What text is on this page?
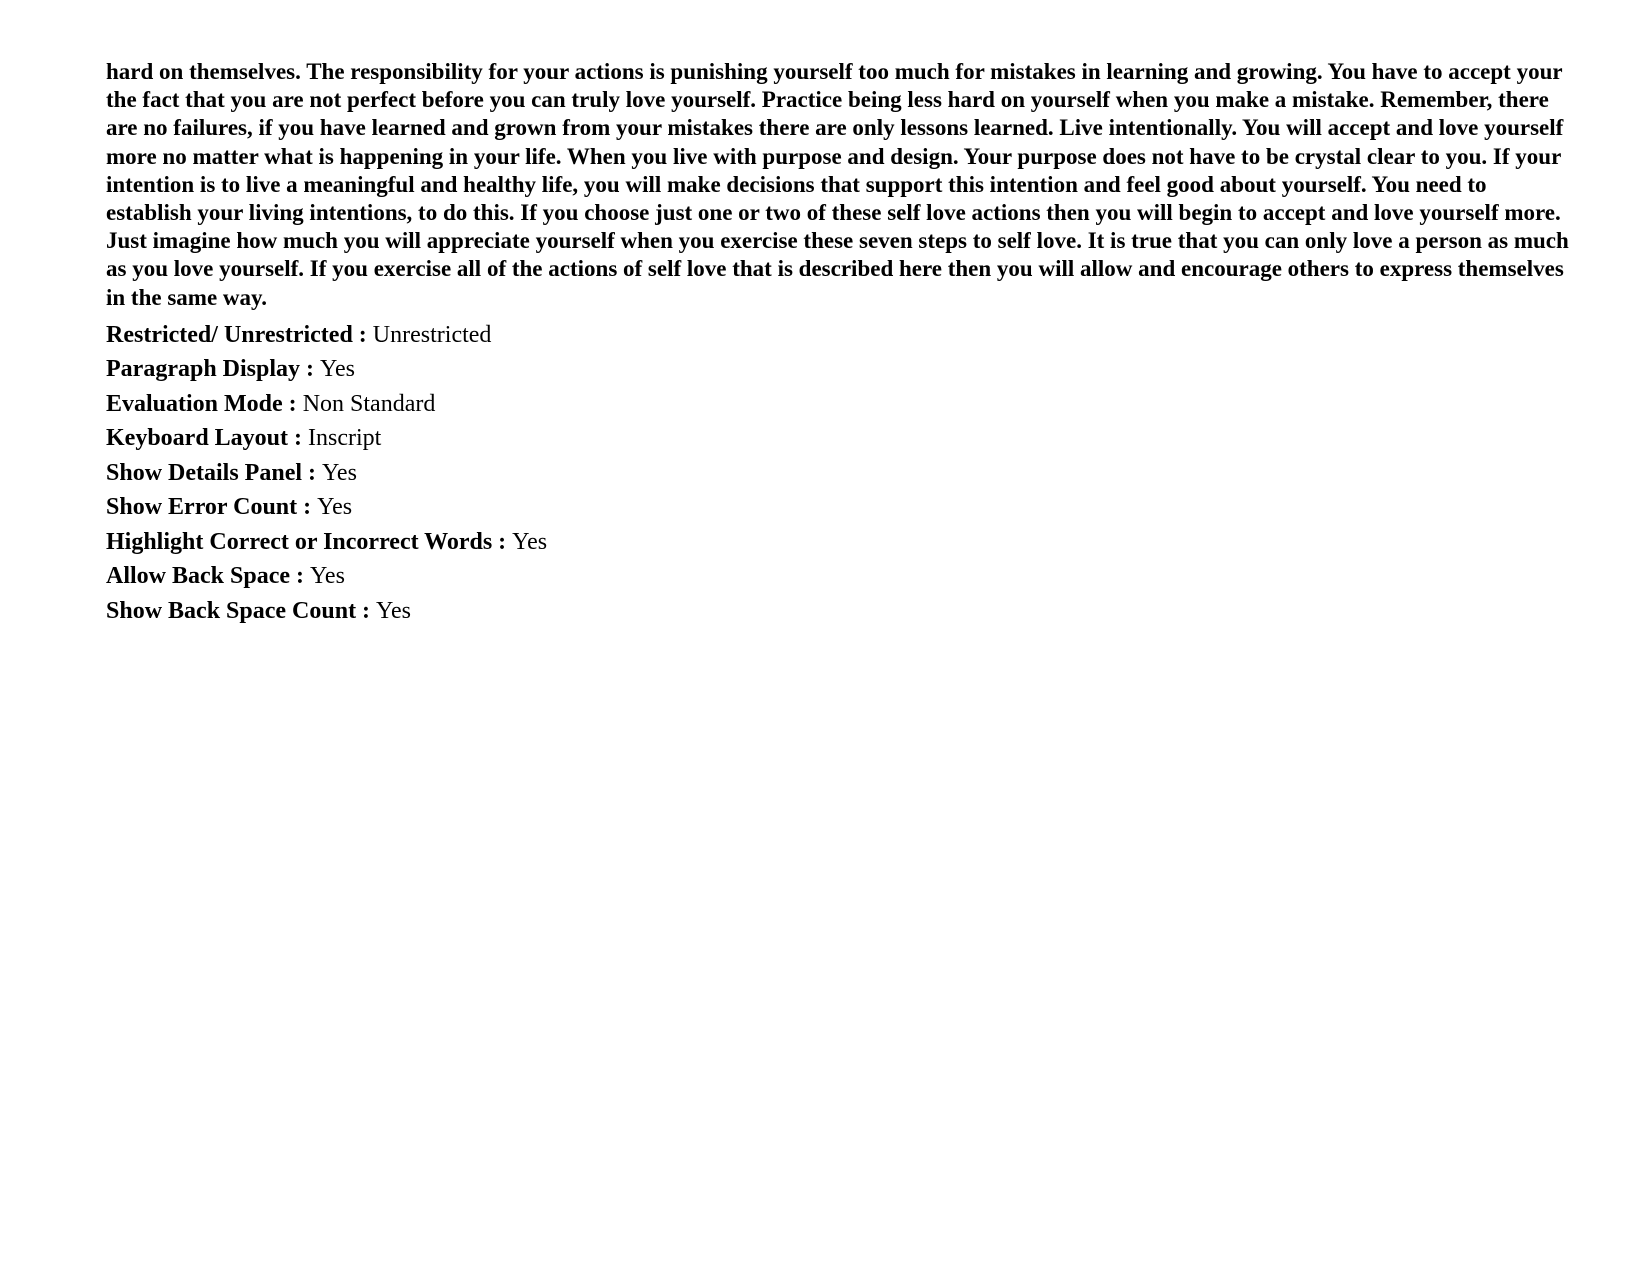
hard on themselves. The responsibility for your actions is punishing yourself too much for mistakes in learning and growing. You have to accept your the fact that you are not perfect before you can truly love yourself. Practice being less hard on yourself when you make a mistake. Remember, there are no failures, if you have learned and grown from your mistakes there are only lessons learned. Live intentionally. You will accept and love yourself more no matter what is happening in your life. When you live with purpose and design. Your purpose does not have to be crystal clear to you. If your intention is to live a meaningful and healthy life, you will make decisions that support this intention and feel good about yourself. You need to establish your living intentions, to do this. If you choose just one or two of these self love actions then you will begin to accept and love yourself more. Just imagine how much you will appreciate yourself when you exercise these seven steps to self love. It is true that you can only love a person as much as you love yourself. If you exercise all of the actions of self love that is described here then you will allow and encourage others to express themselves in the same way.

Restricted/ Unrestricted : Unrestricted
Paragraph Display : Yes
Evaluation Mode : Non Standard
Keyboard Layout : Inscript
Show Details Panel : Yes
Show Error Count : Yes
Highlight Correct or Incorrect Words : Yes
Allow Back Space : Yes
Show Back Space Count : Yes
